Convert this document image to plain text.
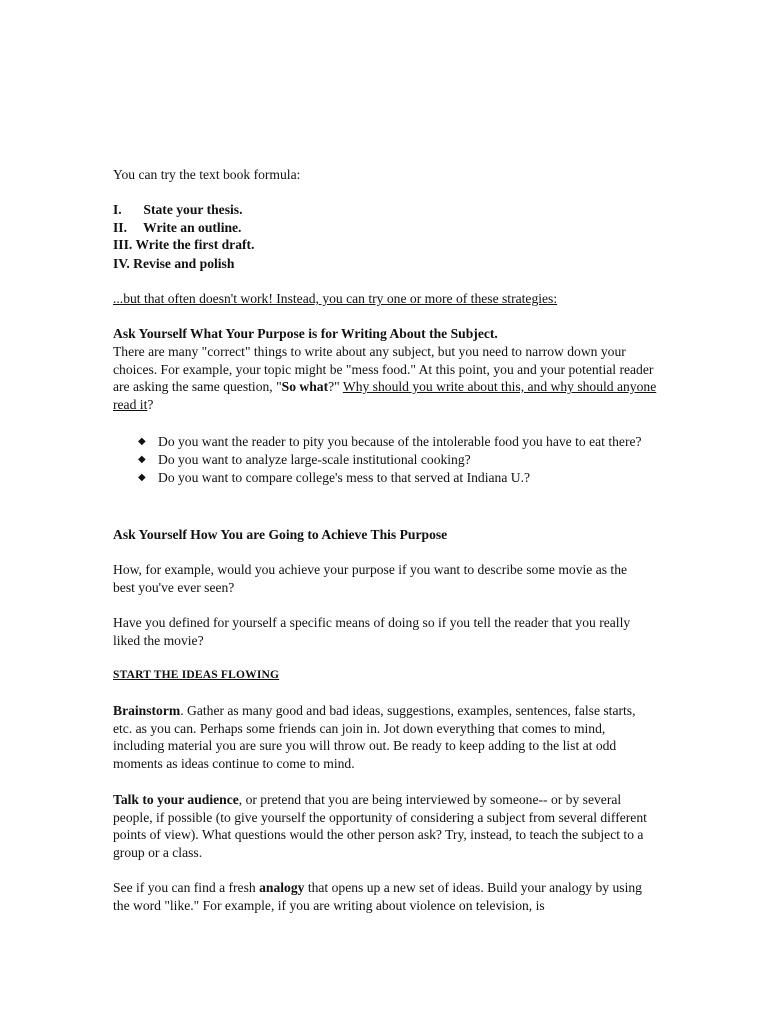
You can try the text book formula:

I. State your thesis.
II. Write an outline.
III. Write the first draft.
IV. Revise and polish

...but that often doesn't work! Instead, you can try one or more of these strategies:

Ask Yourself What Your Purpose is for Writing About the Subject.

There are many "correct" things to write about any subject, but you need to narrow down your choices. For example, your topic might be "mess food." At this point, you and your potential reader are asking the same question, "So what?" Why should you write about this, and why should anyone read it?

◆ Do you want the reader to pity you because of the intolerable food you have to eat there?
◆ Do you want to analyze large-scale institutional cooking?
◆ Do you want to compare college's mess to that served at Indiana U.?

Ask Yourself How You are Going to Achieve This Purpose

How, for example, would you achieve your purpose if you want to describe some movie as the best you've ever seen?

Have you defined for yourself a specific means of doing so if you tell the reader that you really liked the movie?

START THE IDEAS FLOWING

Brainstorm. Gather as many good and bad ideas, suggestions, examples, sentences, false starts, etc. as you can. Perhaps some friends can join in. Jot down everything that comes to mind, including material you are sure you will throw out. Be ready to keep adding to the list at odd moments as ideas continue to come to mind.

Talk to your audience, or pretend that you are being interviewed by someone-- or by several people, if possible (to give yourself the opportunity of considering a subject from several different points of view). What questions would the other person ask? Try, instead, to teach the subject to a group or a class.

See if you can find a fresh analogy that opens up a new set of ideas. Build your analogy by using the word "like." For example, if you are writing about violence on television, is
